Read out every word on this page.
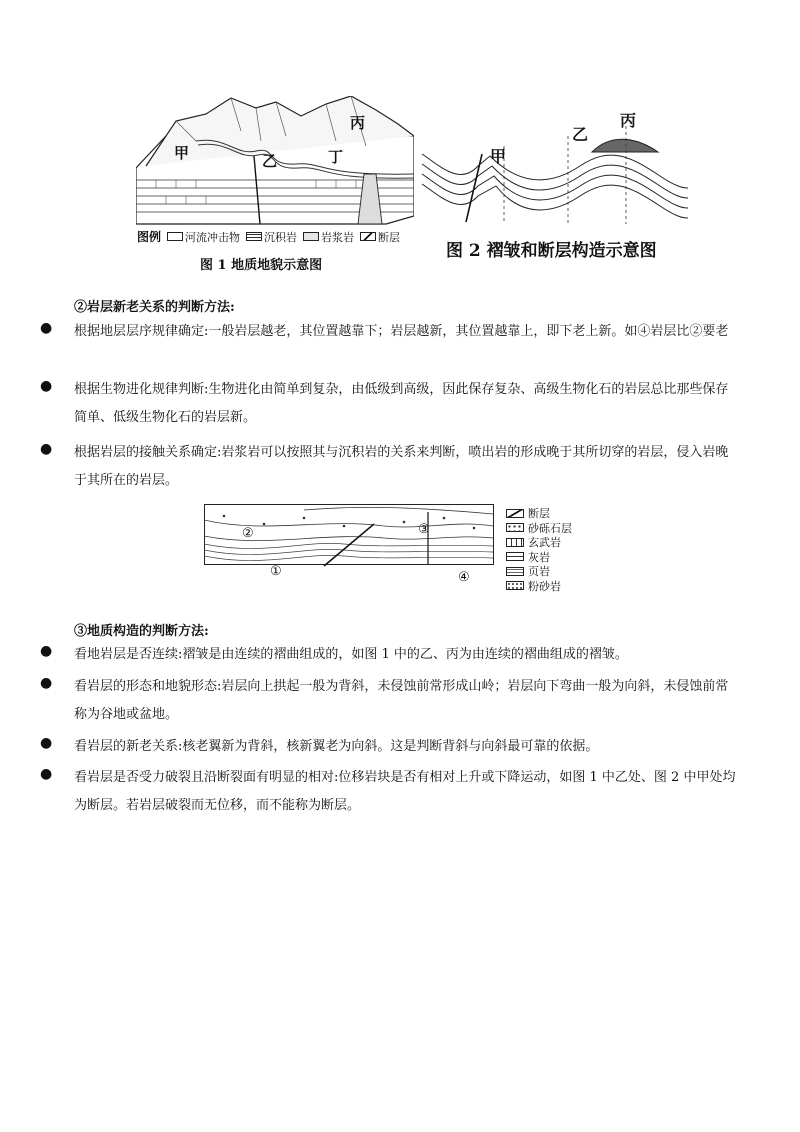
甲	乙
丙
丁
图例 河流冲击物 沉积岩 岩浆岩 断层
图 1 地质地貌示意图
甲
乙
丙
图 2 褶皱和断层构造示意图
②岩层新老关系的判断方法:
●	根据地层层序规律确定:一般岩层越老，其位置越靠下；岩层越新，其位置越靠上，即下老上新。如④岩层比②要老
●	根据生物进化规律判断:生物进化由简单到复杂，由低级到高级，因此保存复杂、高级生物化石的岩层总比那些保存简单、低级生物化石的岩层新。
●	根据岩层的接触关系确定:岩浆岩可以按照其与沉积岩的关系来判断，喷出岩的形成晚于其所切穿的岩层，侵入岩晚于其所在的岩层。
①
②	③
④
断层
砂砾石层
玄武岩
灰岩
页岩
粉砂岩
③地质构造的判断方法:
●	看地岩层是否连续:褶皱是由连续的褶曲组成的，如图 1 中的乙、丙为由连续的褶曲组成的褶皱。
●	看岩层的形态和地貌形态:岩层向上拱起一般为背斜，未侵蚀前常形成山岭；岩层向下弯曲一般为向斜，未侵蚀前常称为谷地或盆地。
●	看岩层的新老关系:核老翼新为背斜，核新翼老为向斜。这是判断背斜与向斜最可靠的依据。
●	看岩层是否受力破裂且沿断裂面有明显的相对:位移岩块是否有相对上升或下降运动，如图 1 中乙处、图 2 中甲处均为断层。若岩层破裂而无位移，而不能称为断层。
